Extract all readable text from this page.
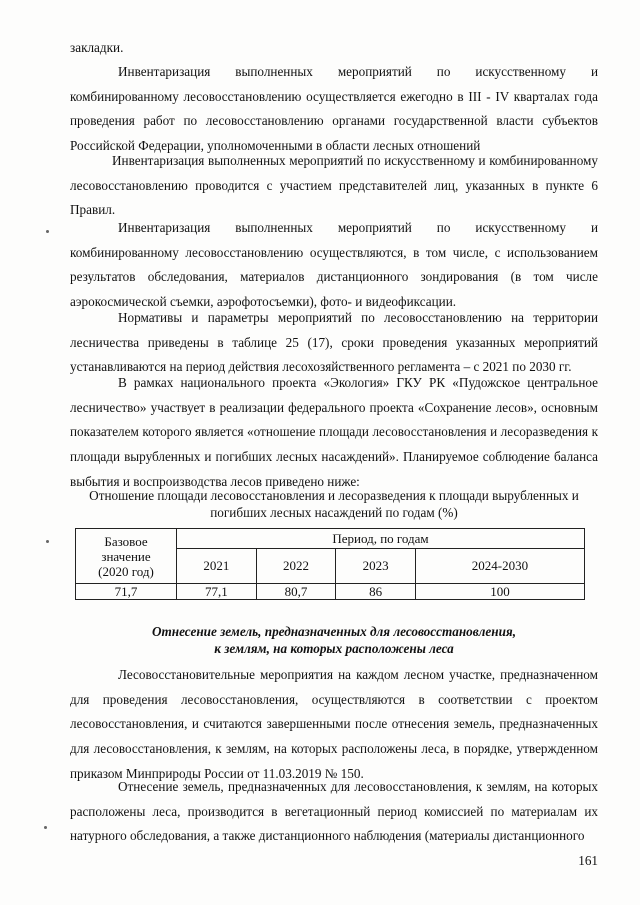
закладки.

Инвентаризация выполненных мероприятий по искусственному и комбинированному лесовосстановлению осуществляется ежегодно в III - IV кварталах года проведения работ по лесовосстановлению органами государственной власти субъектов Российской Федерации, уполномоченными в области лесных отношений

Инвентаризация выполненных мероприятий по искусственному и комбинированному лесовосстановлению проводится с участием представителей лиц, указанных в пункте 6 Правил.

Инвентаризация выполненных мероприятий по искусственному и комбинированному лесовосстановлению осуществляются, в том числе, с использованием результатов обследования, материалов дистанционного зондирования (в том числе аэрокосмической съемки, аэрофотосъемки), фото- и видеофиксации.

Нормативы и параметры мероприятий по лесовосстановлению на территории лесничества приведены в таблице 25 (17), сроки проведения указанных мероприятий устанавливаются на период действия лесохозяйственного регламента – с 2021 по 2030 гг.

В рамках национального проекта «Экология» ГКУ РК «Пудожское центральное лесничество» участвует в реализации федерального проекта «Сохранение лесов», основным показателем которого является «отношение площади лесовосстановления и лесоразведения к площади вырубленных и погибших лесных насаждений». Планируемое соблюдение баланса выбытия и воспроизводства лесов приведено ниже:

Отношение площади лесовосстановления и лесоразведения к площади вырубленных и
погибших лесных насаждений по годам (%)
Базовое
значение
(2020 год)	Период, по годам			
	2021	2022	2023	2024-2030
71,7	77,1	80,7	86	100
Отнесение земель, предназначенных для лесовосстановления,
к землям, на которых расположены леса

Лесовосстановительные мероприятия на каждом лесном участке, предназначенном для проведения лесовосстановления, осуществляются в соответствии с проектом лесовосстановления, и считаются завершенными после отнесения земель, предназначенных для лесовосстановления, к землям, на которых расположены леса, в порядке, утвержденном приказом Минприроды России от 11.03.2019 № 150.

Отнесение земель, предназначенных для лесовосстановления, к землям, на которых расположены леса, производится в вегетационный период комиссией по материалам их натурного обследования, а также дистанционного наблюдения (материалы дистанционного

161
